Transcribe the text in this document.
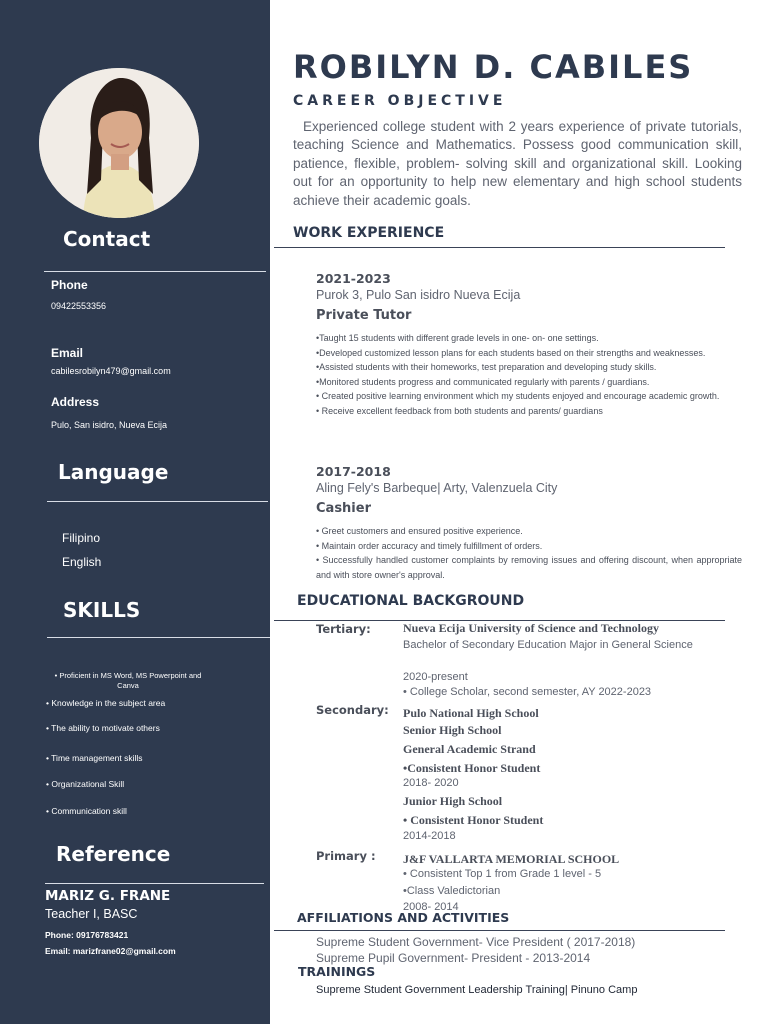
Contact
Phone
09422553356
Email
cabilesrobilyn479@gmail.com
Address
Pulo, San isidro, Nueva Ecija
Language
Filipino
English
SKILLS
• Proficient in MS Word, MS Powerpoint and Canva
• Knowledge in the subject area
• The ability to motivate others
• Time management skills
• Organizational Skill
• Communication skill
Reference
MARIZ G. FRANE
Teacher I, BASC
Phone: 09176783421
Email: marizfrane02@gmail.com
ROBILYN D. CABILES
CAREER OBJECTIVE
Experienced college student with 2 years experience of private tutorials, teaching Science and Mathematics. Possess good communication skill, patience, flexible, problem- solving skill and organizational skill. Looking out for an opportunity to help new elementary and high school students achieve their academic goals.
WORK EXPERIENCE
2021-2023
Purok 3, Pulo San isidro Nueva Ecija
Private Tutor
•Taught 15 students with different grade levels in one- on- one settings.
•Developed customized lesson plans for each students based on their strengths and weaknesses.
•Assisted students with their homeworks, test preparation and developing study skills.
•Monitored students progress and communicated regularly with parents / guardians.
• Created positive learning environment which my students enjoyed and encourage academic growth.
• Receive excellent feedback from both students and parents/ guardians
2017-2018
Aling Fely's Barbeque| Arty, Valenzuela City
Cashier
• Greet customers and ensured positive experience.
• Maintain order accuracy and timely fulfillment of orders.
• Successfully handled customer complaints by removing issues and offering discount, when appropriate and with store owner's approval.
EDUCATIONAL BACKGROUND
Tertiary:	Nueva Ecija University of Science and Technology
Bachelor of Secondary Education Major in General Science
2020-present
• College Scholar, second semester, AY 2022-2023
Secondary: Pulo National High School
Senior High School
General Academic Strand
•Consistent Honor Student
2018- 2020
Junior High School
• Consistent Honor Student
2014-2018
Primary : J&F VALLARTA MEMORIAL SCHOOL
• Consistent Top 1 from Grade 1 level - 5
•Class Valedictorian
2008- 2014
AFFILIATIONS AND ACTIVITIES
Supreme Student Government- Vice President ( 2017-2018)
Supreme Pupil Government- President - 2013-2014
TRAININGS
Supreme Student Government Leadership Training| Pinuno Camp
